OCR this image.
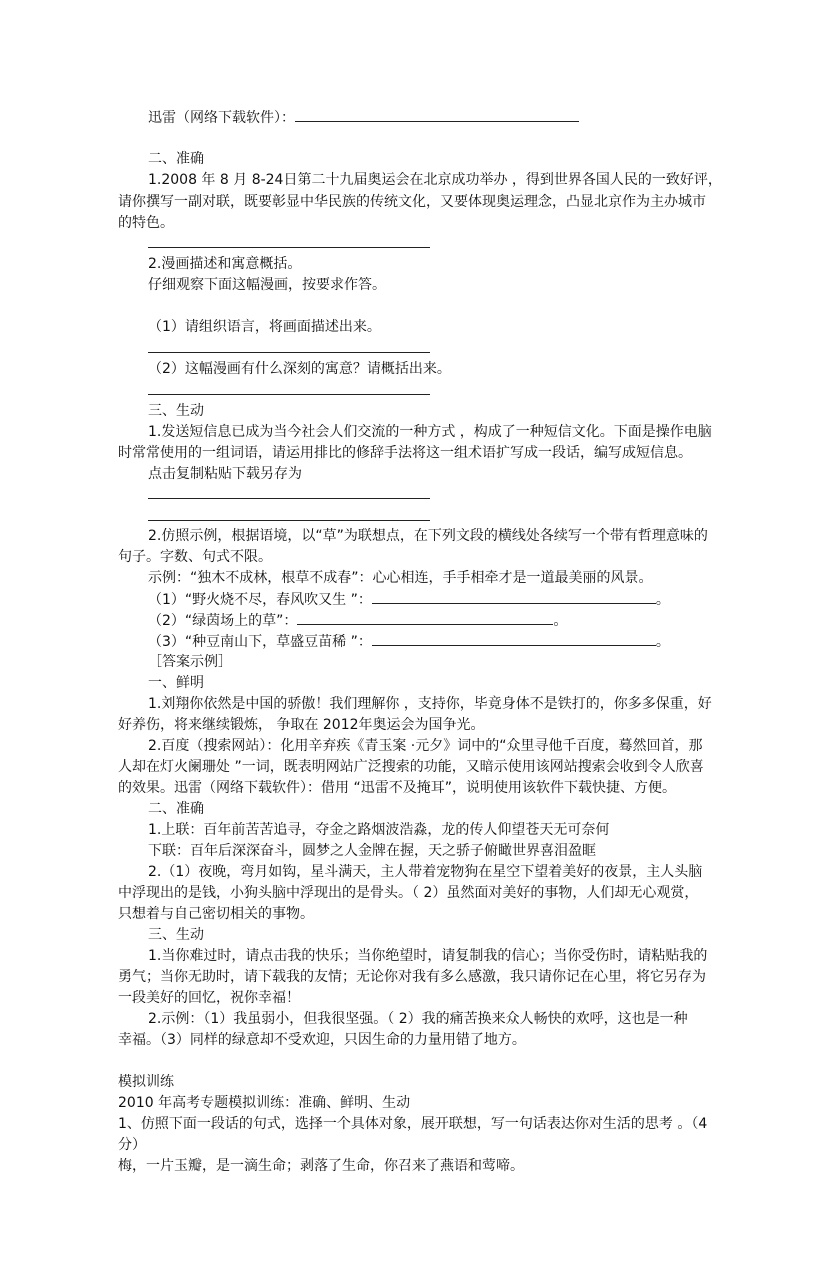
迅雷（网络下载软件）：
二、准确
1.2008 年 8 月 8-24日第二十九届奥运会在北京成功举办 ，得到世界各国人民的一致好评，
请你撰写一副对联，既要彰显中华民族的传统文化，又要体现奥运理念，凸显北京作为主办城市
的特色。
2.漫画描述和寓意概括。
仔细观察下面这幅漫画，按要求作答。
（1）请组织语言，将画面描述出来。
（2）这幅漫画有什么深刻的寓意？请概括出来。
三、生动
1.发送短信息已成为当今社会人们交流的一种方式 ，构成了一种短信文化。下面是操作电脑
时常常使用的一组词语，请运用排比的修辞手法将这一组术语扩写成一段话，编写成短信息。
点击复制粘贴下载另存为
2.仿照示例，根据语境，以“草”为联想点，在下列文段的横线处各续写一个带有哲理意味的
句子。字数、句式不限。
示例：“独木不成林，根草不成春”：心心相连，手手相牵才是一道最美丽的风景。
（1）“野火烧不尽，春风吹又生 ”：	。
（2）“绿茵场上的草”：	。
（3）“种豆南山下，草盛豆苗稀 ”：	。
［答案示例］
一、鲜明
1.刘翔你依然是中国的骄傲！我们理解你 ，支持你，毕竟身体不是铁打的，你多多保重，好
好养伤，将来继续锻炼， 争取在 2012年奥运会为国争光。
2.百度（搜索网站）：化用辛弃疾《青玉案 ·元夕》词中的“众里寻他千百度，蓦然回首，那
人却在灯火阑珊处 ”一词，既表明网站广泛搜索的功能，又暗示使用该网站搜索会收到令人欣喜
的效果。迅雷（网络下载软件）：借用 “迅雷不及掩耳”，说明使用该软件下载快捷、方便。
二、准确
1.上联：百年前苦苦追寻，夺金之路烟波浩淼，龙的传人仰望苍天无可奈何
下联：百年后深深奋斗，圆梦之人金牌在握，天之骄子俯瞰世界喜泪盈眶
2.（1）夜晚，弯月如钩，星斗满天，主人带着宠物狗在星空下望着美好的夜景，主人头脑
中浮现出的是钱，小狗头脑中浮现出的是骨头。（ 2）虽然面对美好的事物，人们却无心观赏，
只想着与自己密切相关的事物。
三、生动
1.当你难过时，请点击我的快乐；当你绝望时，请复制我的信心；当你受伤时，请粘贴我的
勇气；当你无助时，请下载我的友情；无论你对我有多么感激，我只请你记在心里，将它另存为
一段美好的回忆，祝你幸福！
2.示例：（1）我虽弱小，但我很坚强。（ 2）我的痛苦换来众人畅快的欢呼，这也是一种
幸福。（3）同样的绿意却不受欢迎，只因生命的力量用错了地方。
模拟训练
2010 年高考专题模拟训练：准确、鲜明、生动
1、仿照下面一段话的句式，选择一个具体对象，展开联想，写一句话表达你对生活的思考 。（4
分）
梅，一片玉瓣，是一滴生命；剥落了生命，你召来了燕语和莺啼。
